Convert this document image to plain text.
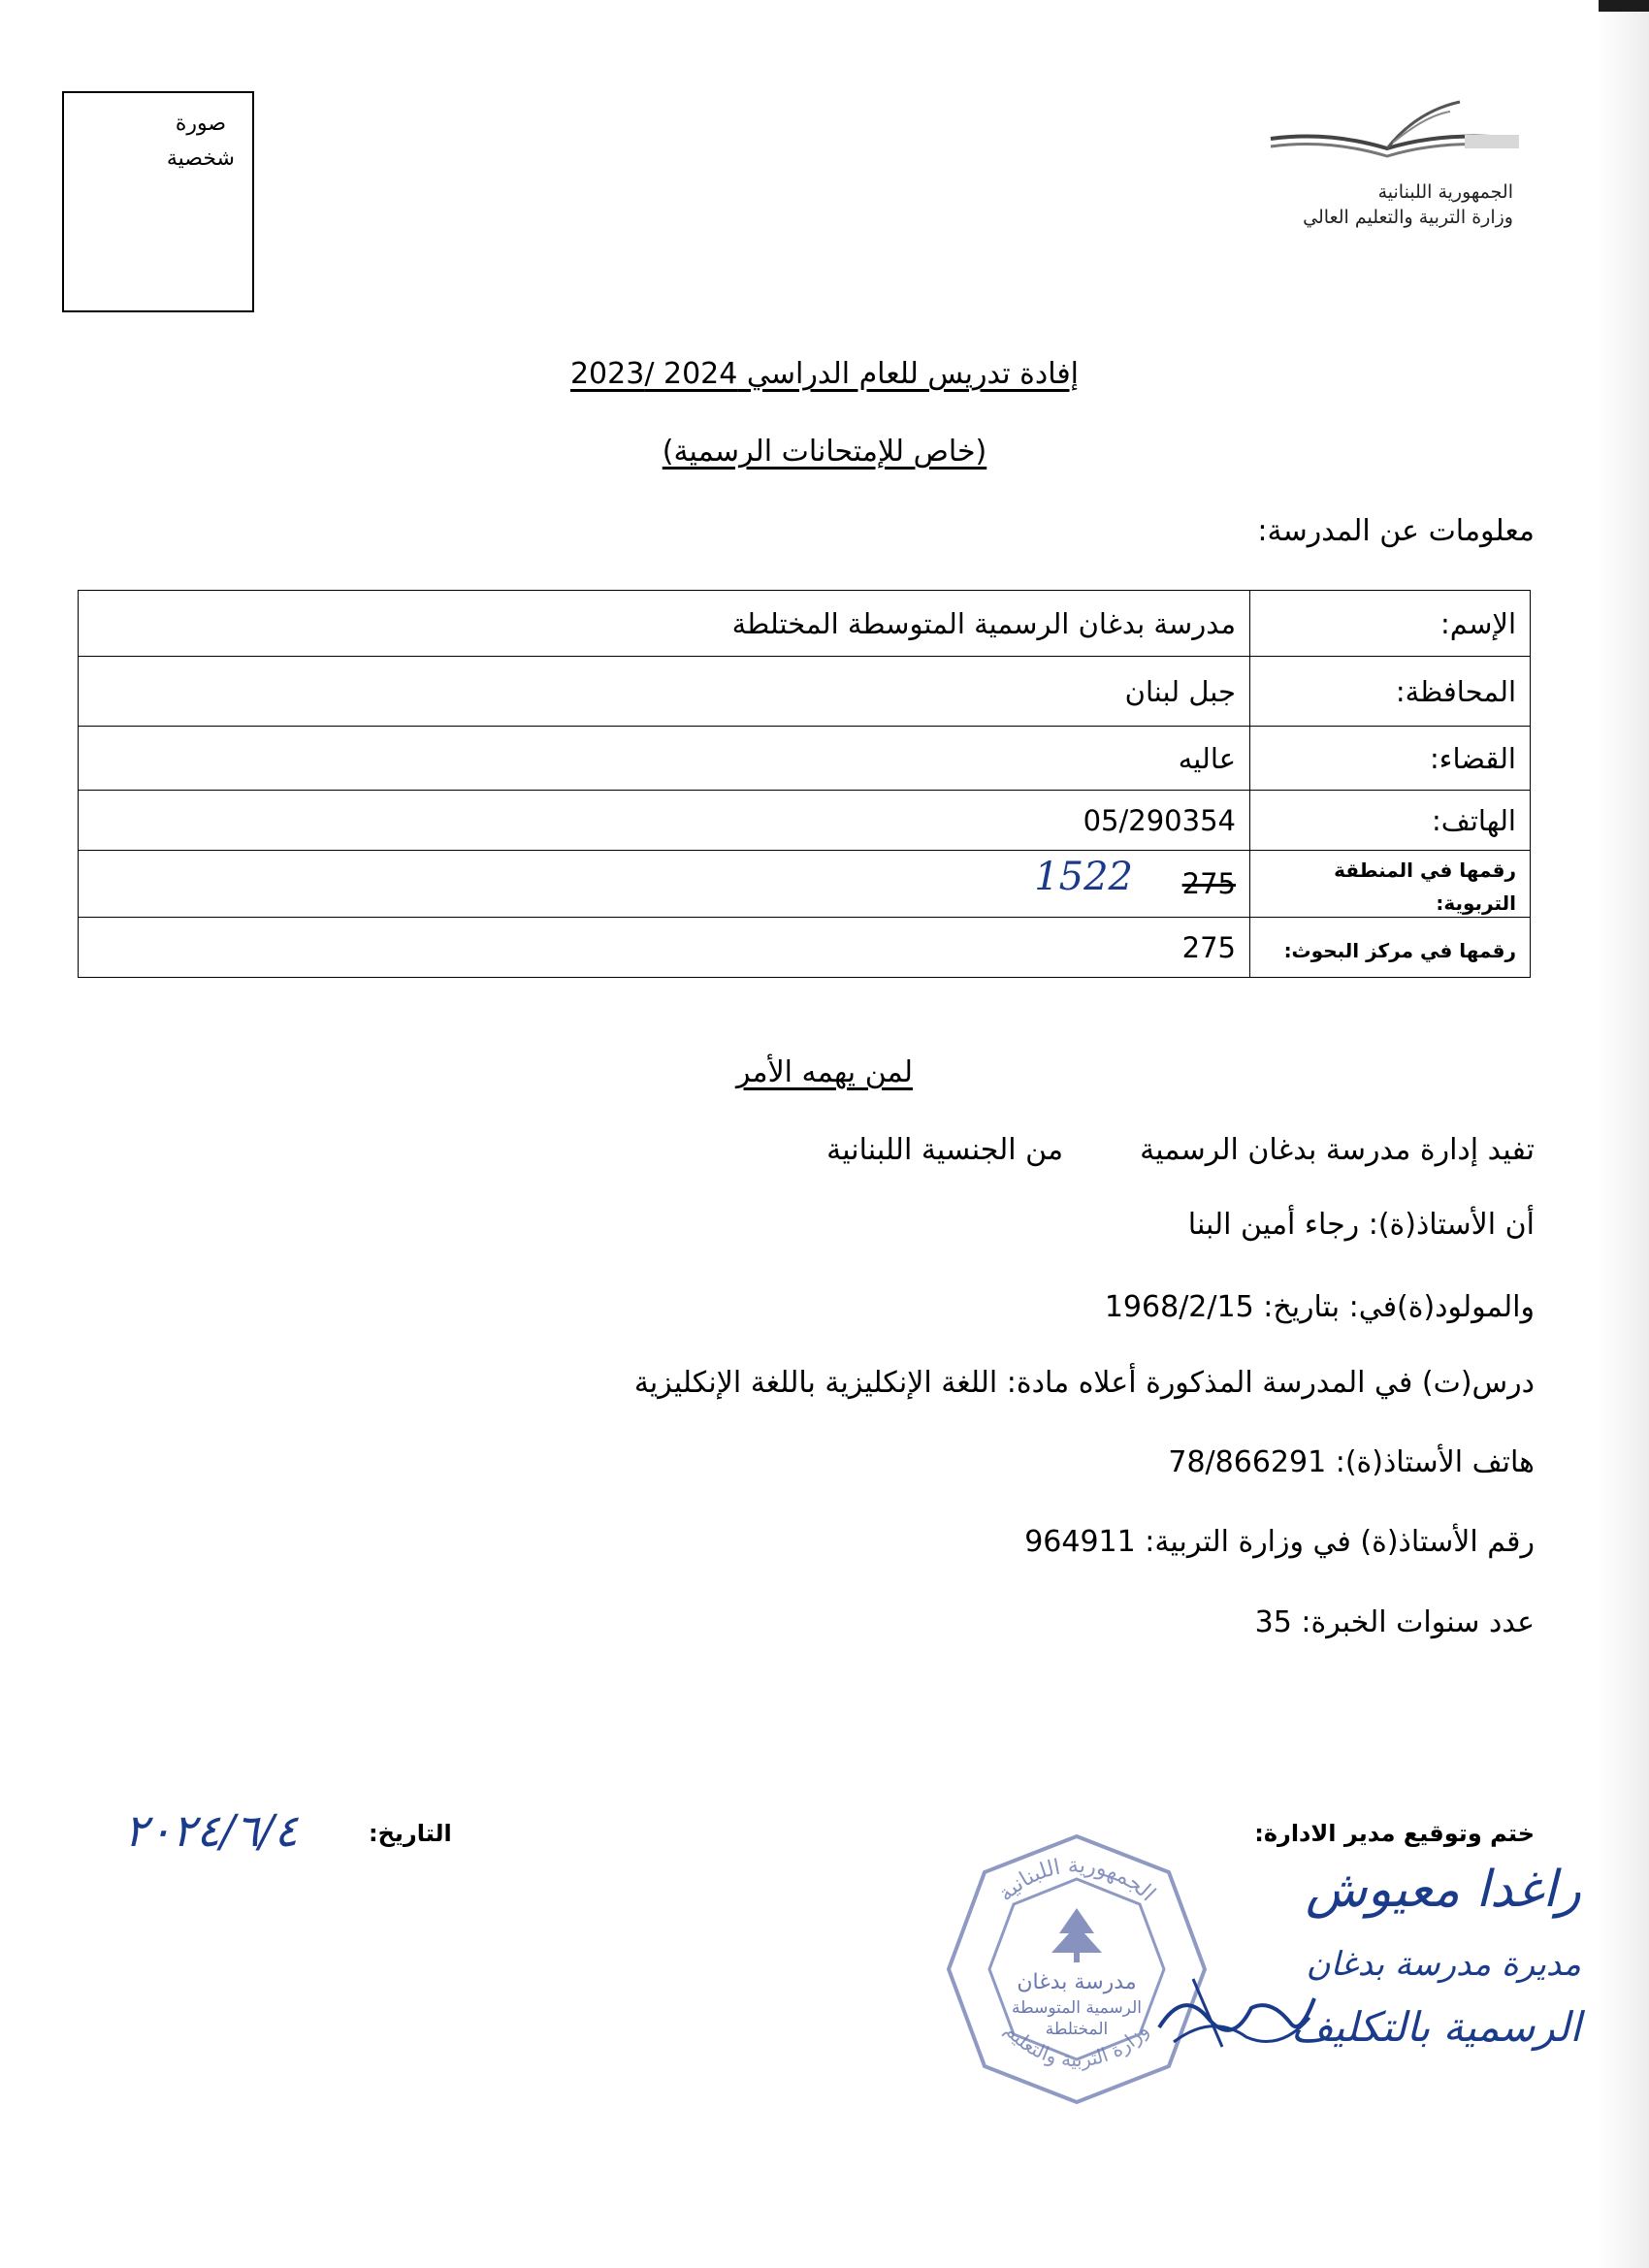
صورة
شخصية
الجمهورية اللبنانية
وزارة التربية والتعليم العالي
إفادة تدريس للعام الدراسي 2024 /2023
(خاص للإمتحانات الرسمية)
معلومات عن المدرسة:
الإسم:	مدرسة بدغان الرسمية المتوسطة المختلطة
المحافظة:	جبل لبنان
القضاء:	عاليه
الهاتف:	05/290354
رقمها في المنطقة التربوية:	275
1522

رقمها في مركز البحوث:	275
لمن يهمه الأمر
تفيد إدارة مدرسة بدغان الرسمية  من الجنسية اللبنانية
أن الأستاذ(ة): رجاء أمين البنا
والمولود(ة)في: بتاريخ: 1968/2/15
درس(ت) في المدرسة المذكورة أعلاه مادة: اللغة الإنكليزية باللغة الإنكليزية
هاتف الأستاذ(ة): 78/866291
رقم الأستاذ(ة) في وزارة التربية: 964911
عدد سنوات الخبرة: 35
ختم وتوقيع مدير الادارة:
التاريخ:
٢٠٢٤/٦/٤
الجمهورية اللبنانية
وزارة التربية والتعليم
مدرسة بدغان
الرسمية المتوسطة
المختلطة
راغدا معيوش
مديرة مدرسة بدغان
الرسمية بالتكليف
